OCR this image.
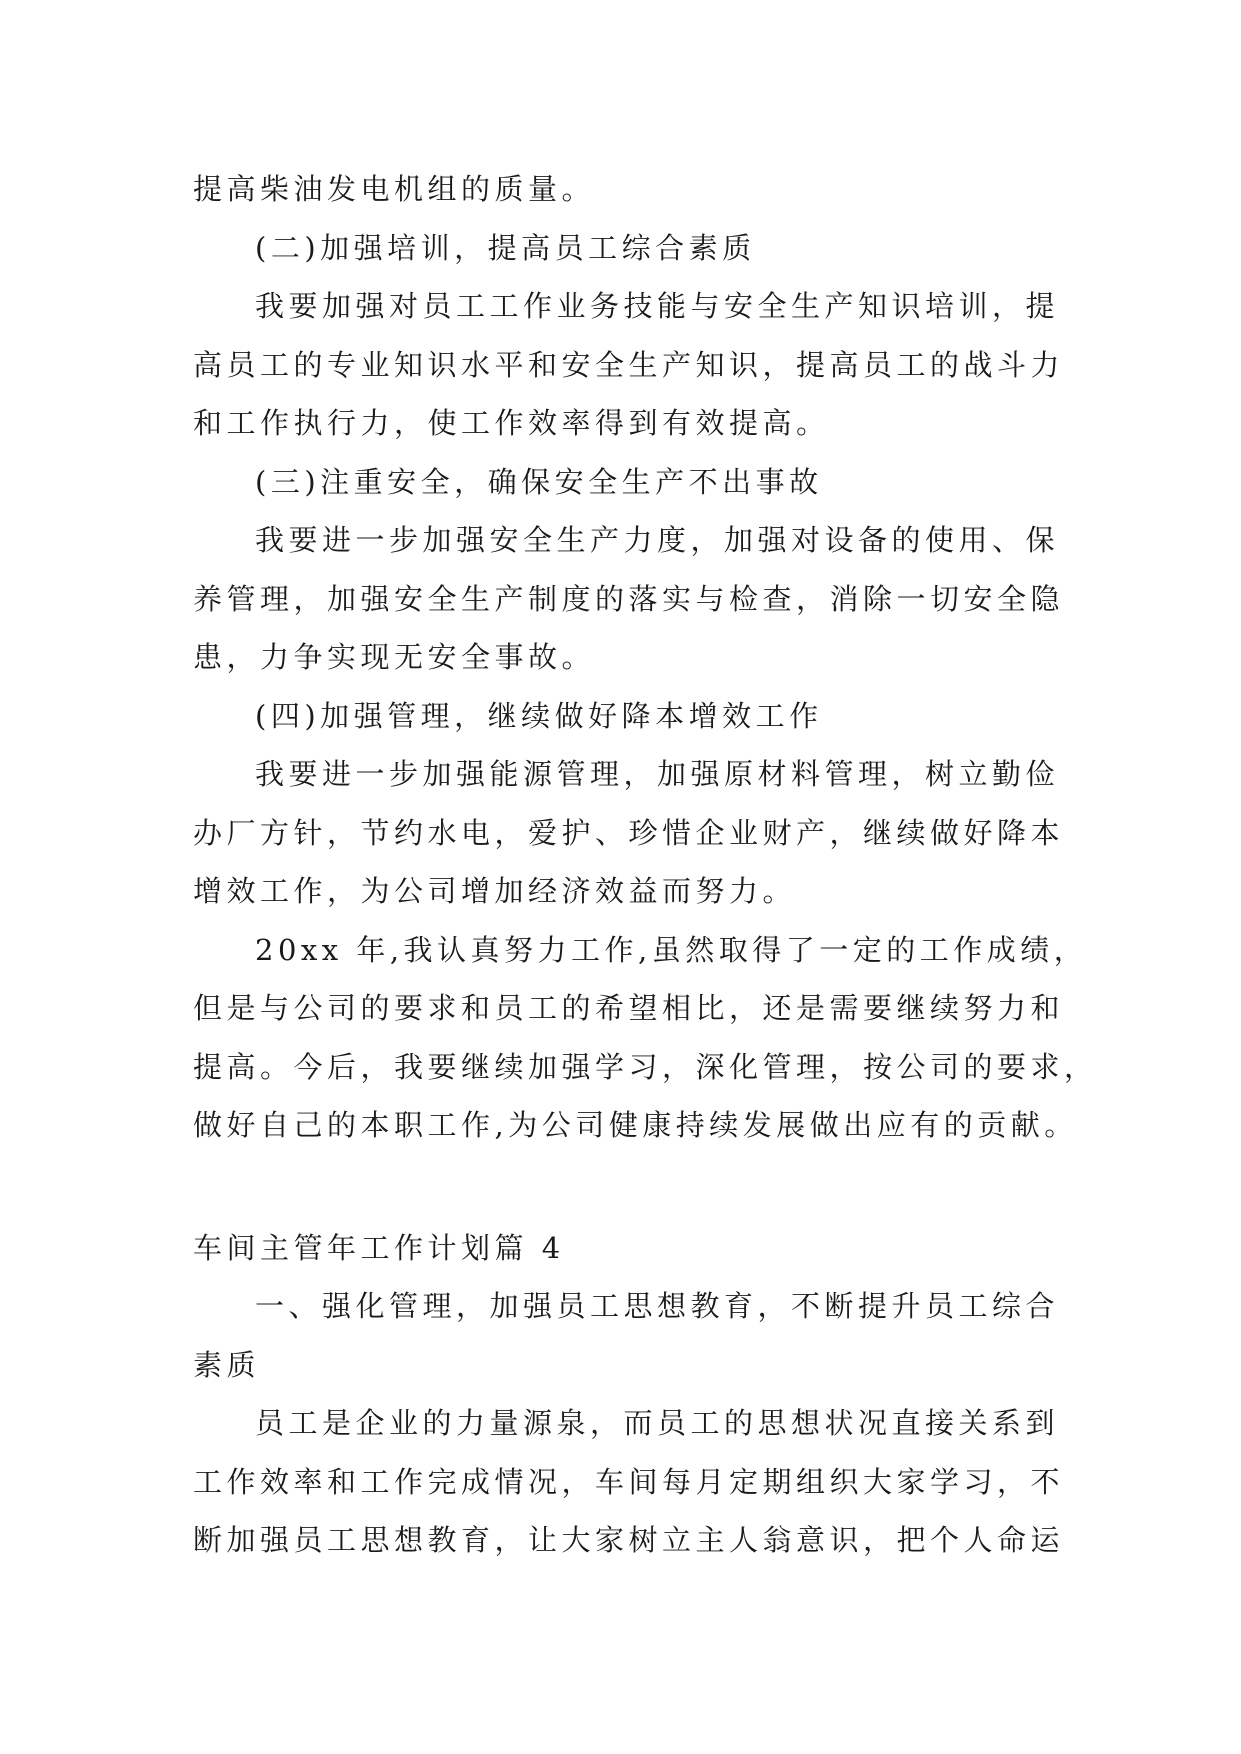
提高柴油发电机组的质量。
(二)加强培训，提高员工综合素质
我要加强对员工工作业务技能与安全生产知识培训，提
高员工的专业知识水平和安全生产知识，提高员工的战斗力
和工作执行力，使工作效率得到有效提高。
(三)注重安全，确保安全生产不出事故
我要进一步加强安全生产力度，加强对设备的使用、保
养管理，加强安全生产制度的落实与检查，消除一切安全隐
患，力争实现无安全事故。
(四)加强管理，继续做好降本增效工作
我要进一步加强能源管理，加强原材料管理，树立勤俭
办厂方针，节约水电，爱护、珍惜企业财产，继续做好降本
增效工作，为公司增加经济效益而努力。
20xx 年,我认真努力工作,虽然取得了一定的工作成绩，
但是与公司的要求和员工的希望相比，还是需要继续努力和
提高。今后，我要继续加强学习，深化管理，按公司的要求，
做好自己的本职工作,为公司健康持续发展做出应有的贡献。
车间主管年工作计划篇 4
一、强化管理，加强员工思想教育，不断提升员工综合
素质
员工是企业的力量源泉，而员工的思想状况直接关系到
工作效率和工作完成情况，车间每月定期组织大家学习，不
断加强员工思想教育，让大家树立主人翁意识，把个人命运
